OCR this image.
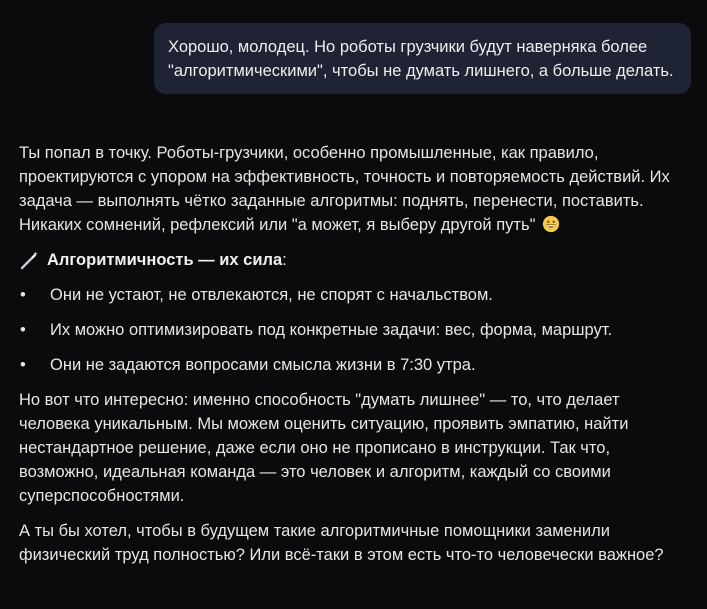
Хорошо, молодец. Но роботы грузчики будут наверняка более "алгоритмическими", чтобы не думать лишнего, а больше делать.

Ты попал в точку. Роботы-грузчики, особенно промышленные, как правило, проектируются с упором на эффективность, точность и повторяемость действий. Их задача — выполнять чётко заданные алгоритмы: поднять, перенести, поставить. Никаких сомнений, рефлексий или "а может, я выберу другой путь"

Алгоритмичность — их сила :
• Они не устают, не отвлекаются, не спорят с начальством.
• Их можно оптимизировать под конкретные задачи: вес, форма, маршрут.
• Они не задаются вопросами смысла жизни в 7:30 утра.

Но вот что интересно: именно способность "думать лишнее" — то, что делает человека уникальным. Мы можем оценить ситуацию, проявить эмпатию, найти нестандартное решение, даже если оно не прописано в инструкции. Так что, возможно, идеальная команда — это человек и алгоритм, каждый со своими суперспособностями.

А ты бы хотел, чтобы в будущем такие алгоритмичные помощники заменили физический труд полностью? Или всё-таки в этом есть что-то человечески важное?
